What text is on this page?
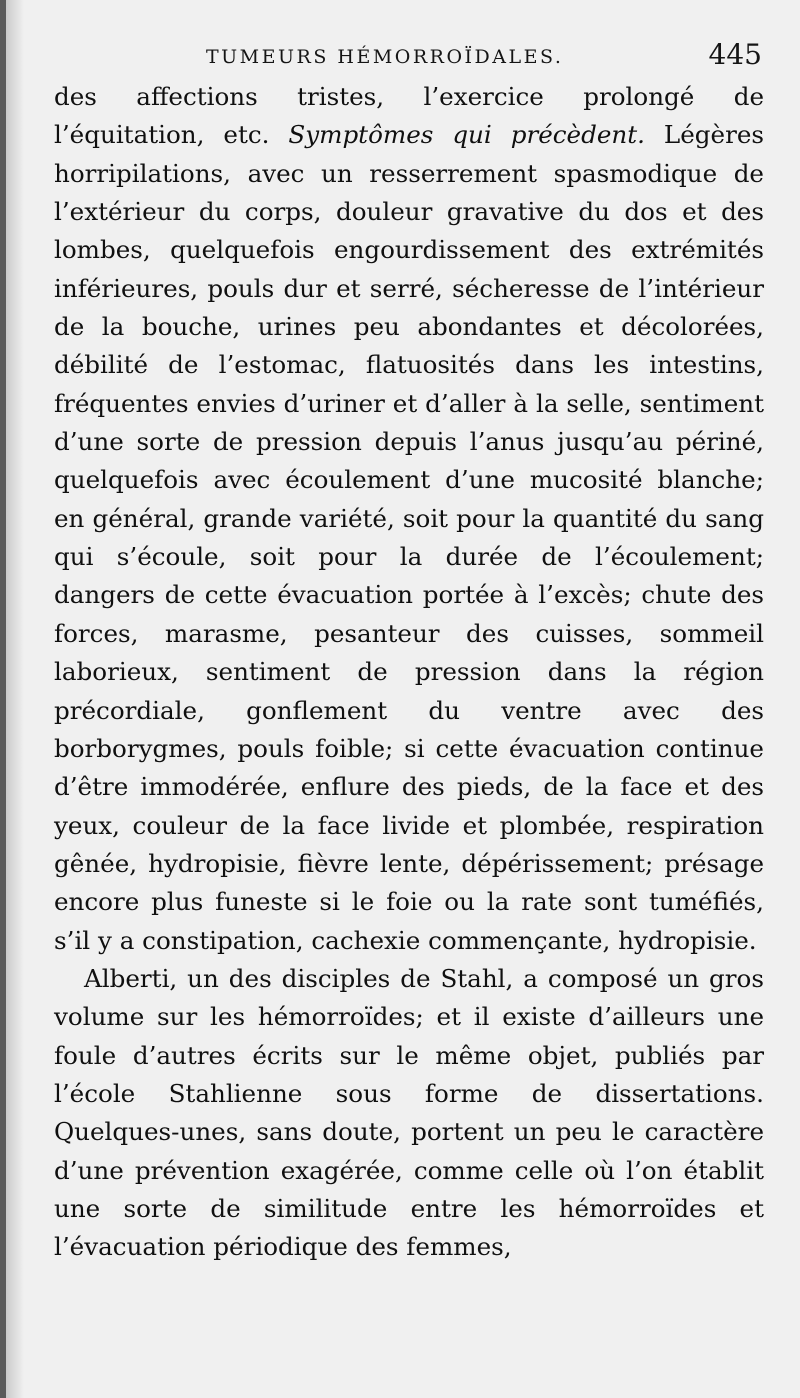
TUMEURS HÉMORROÏDALES.	445

des affections tristes, l’exercice prolongé de l’équitation, etc. Symptômes qui précèdent. Légères horripilations, avec un resserrement spasmodique de l’extérieur du corps, douleur gravative du dos et des lombes, quelquefois engourdissement des extrémités inférieures, pouls dur et serré, sécheresse de l’intérieur de la bouche, urines peu abondantes et décolorées, débilité de l’estomac, flatuosités dans les intestins, fréquentes envies d’uriner et d’aller à la selle, sentiment d’une sorte de pression depuis l’anus jusqu’au périné, quelquefois avec écoulement d’une mucosité blanche; en général, grande variété, soit pour la quantité du sang qui s’écoule, soit pour la durée de l’écoulement; dangers de cette évacuation portée à l’excès; chute des forces, marasme, pesanteur des cuisses, sommeil laborieux, sentiment de pression dans la région précordiale, gonflement du ventre avec des borborygmes, pouls foible; si cette évacuation continue d’être immodérée, enflure des pieds, de la face et des yeux, couleur de la face livide et plombée, respiration gênée, hydropisie, fièvre lente, dépérissement; présage encore plus funeste si le foie ou la rate sont tuméfiés, s’il y a constipation, cachexie commençante, hydropisie.

Alberti, un des disciples de Stahl, a composé un gros volume sur les hémorroïdes; et il existe d’ailleurs une foule d’autres écrits sur le même objet, publiés par l’école Stahlienne sous forme de dissertations. Quelques-unes, sans doute, portent un peu le caractère d’une prévention exagérée, comme celle où l’on établit une sorte de similitude entre les hémorroïdes et l’évacuation périodique des femmes,
